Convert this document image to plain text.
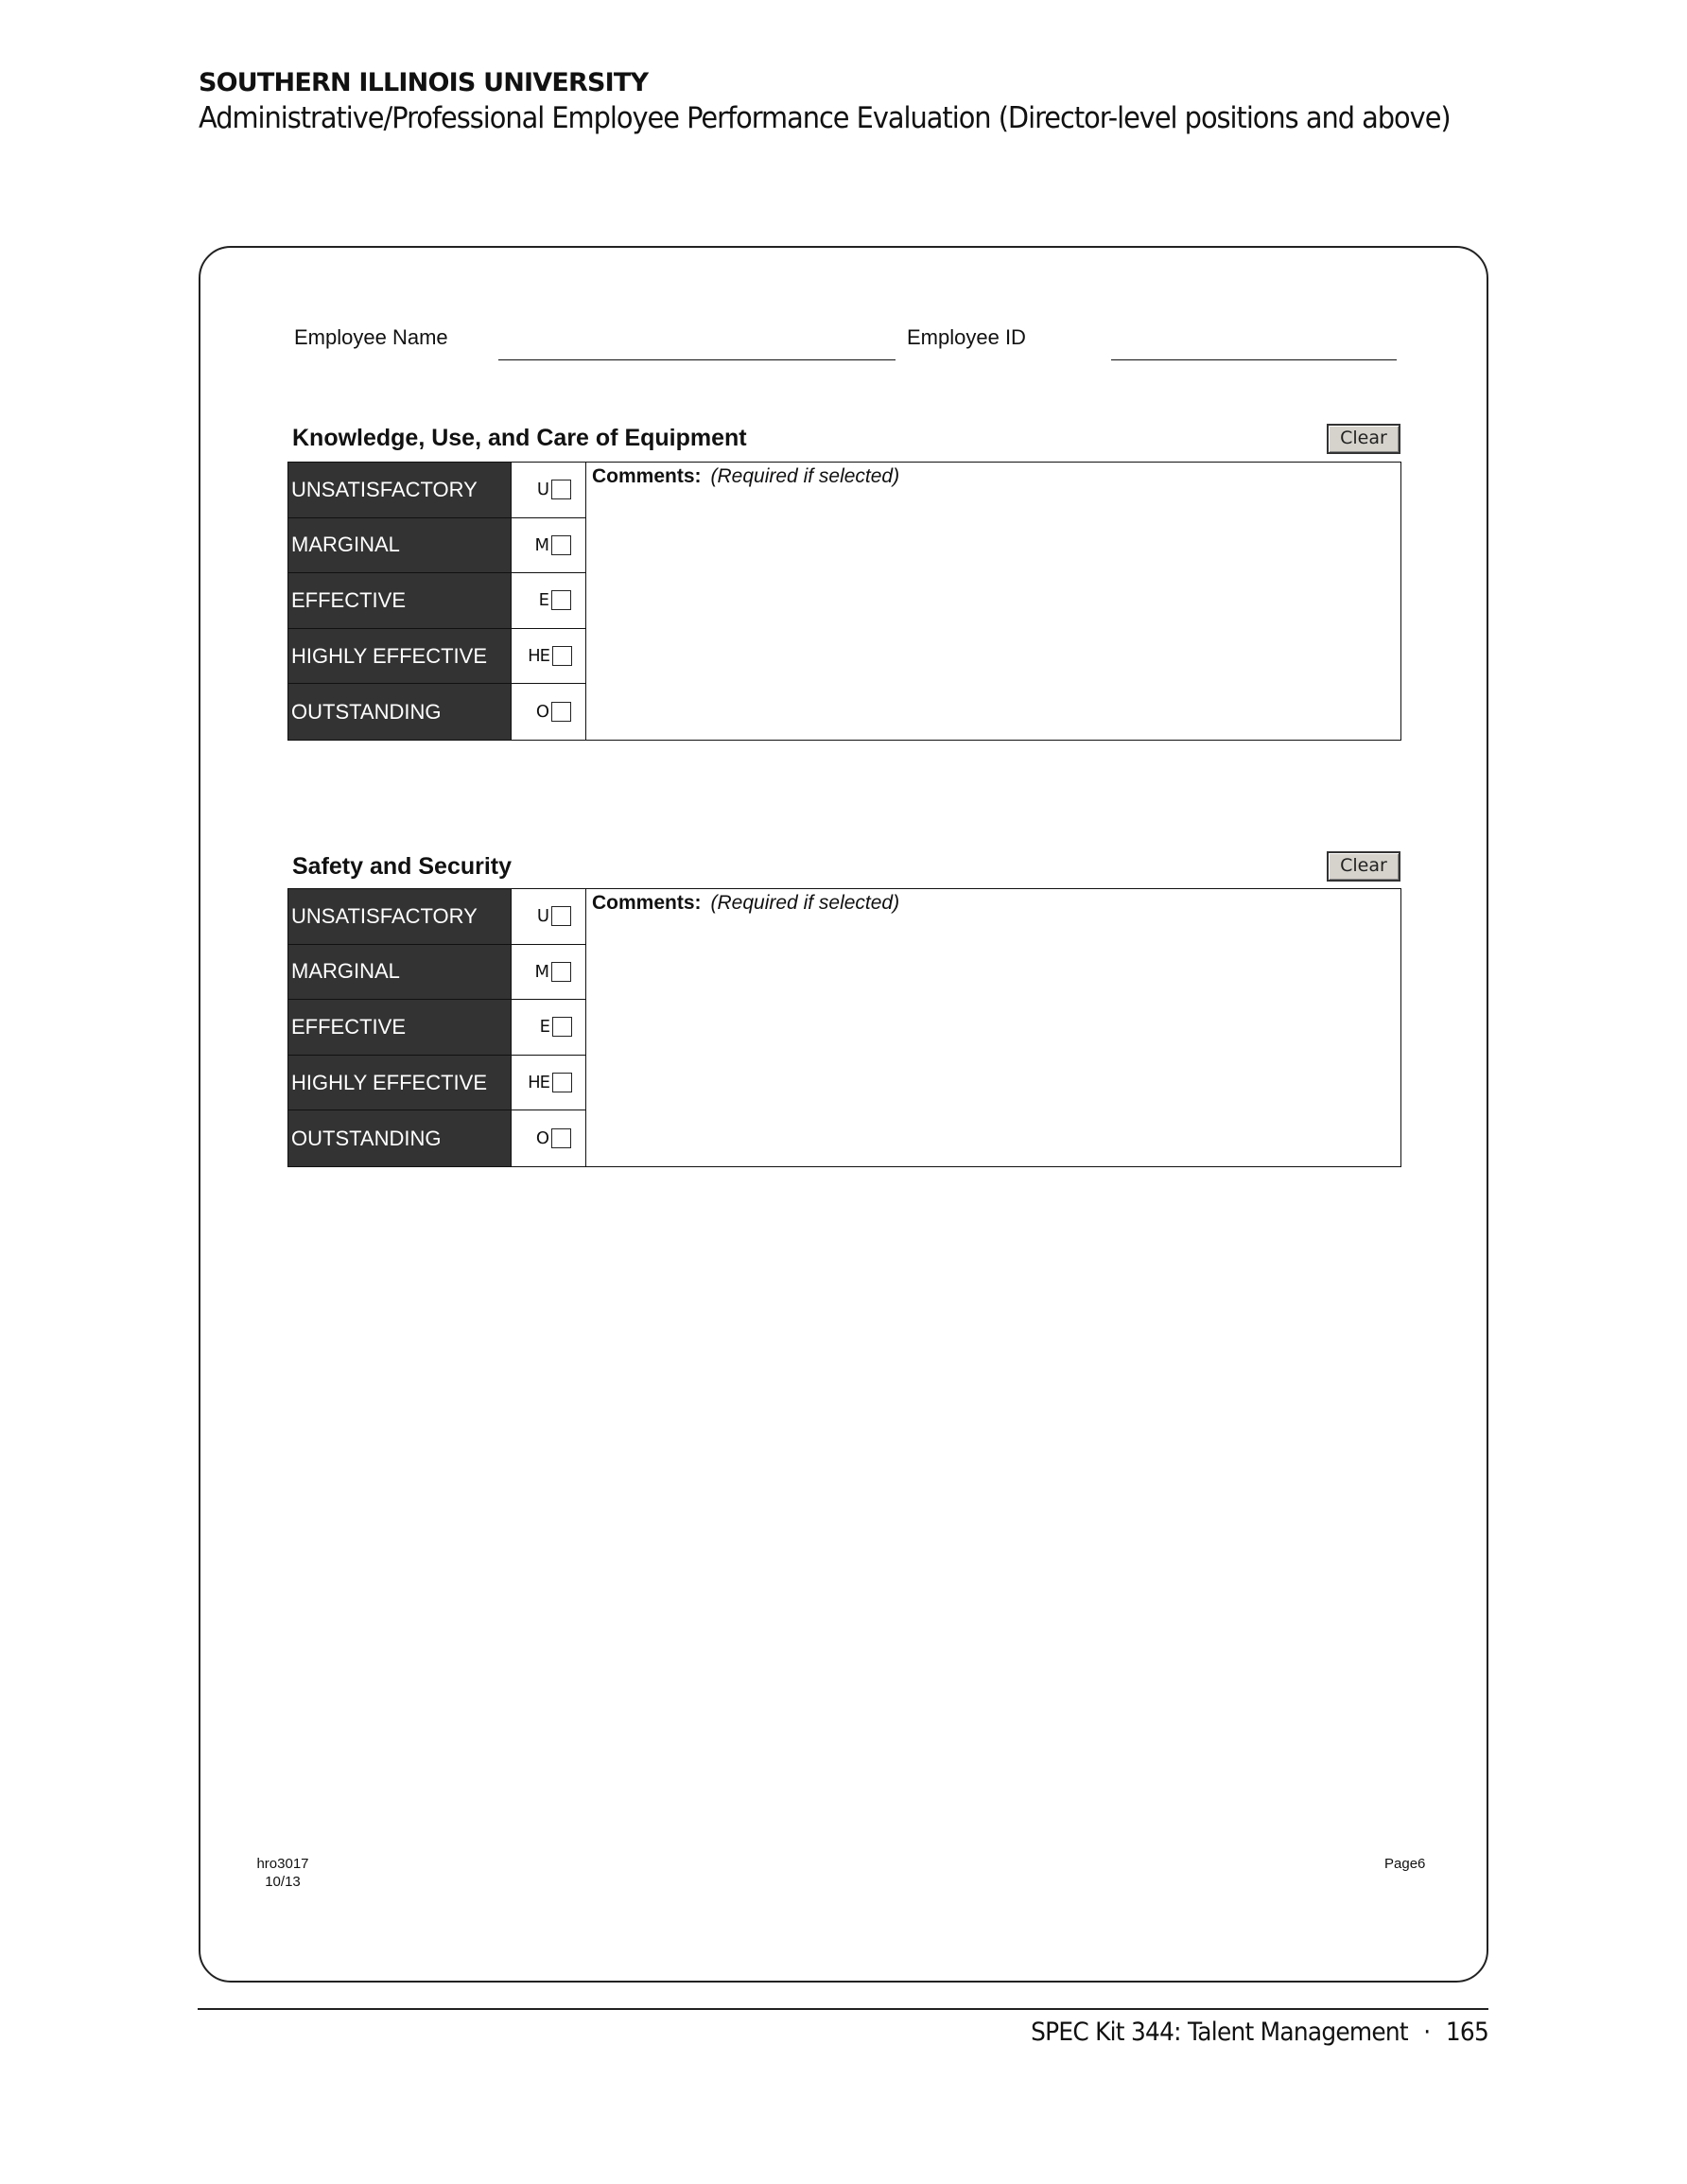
SOUTHERN ILLINOIS UNIVERSITY
Administrative/Professional Employee Performance Evaluation (Director-level positions and above)
Employee Name	Employee ID
Knowledge, Use, and Care of Equipment	Clear
UNSATISFACTORY	U
MARGINAL	M
EFFECTIVE	E
HIGHLY EFFECTIVE	HE
OUTSTANDING	O
Comments: (Required if selected)
Safety and Security	Clear
UNSATISFACTORY	U
MARGINAL	M
EFFECTIVE	E
HIGHLY EFFECTIVE	HE
OUTSTANDING	O
Comments: (Required if selected)
hro3017
10/13
Page6
SPEC Kit 344: Talent Management · 165
